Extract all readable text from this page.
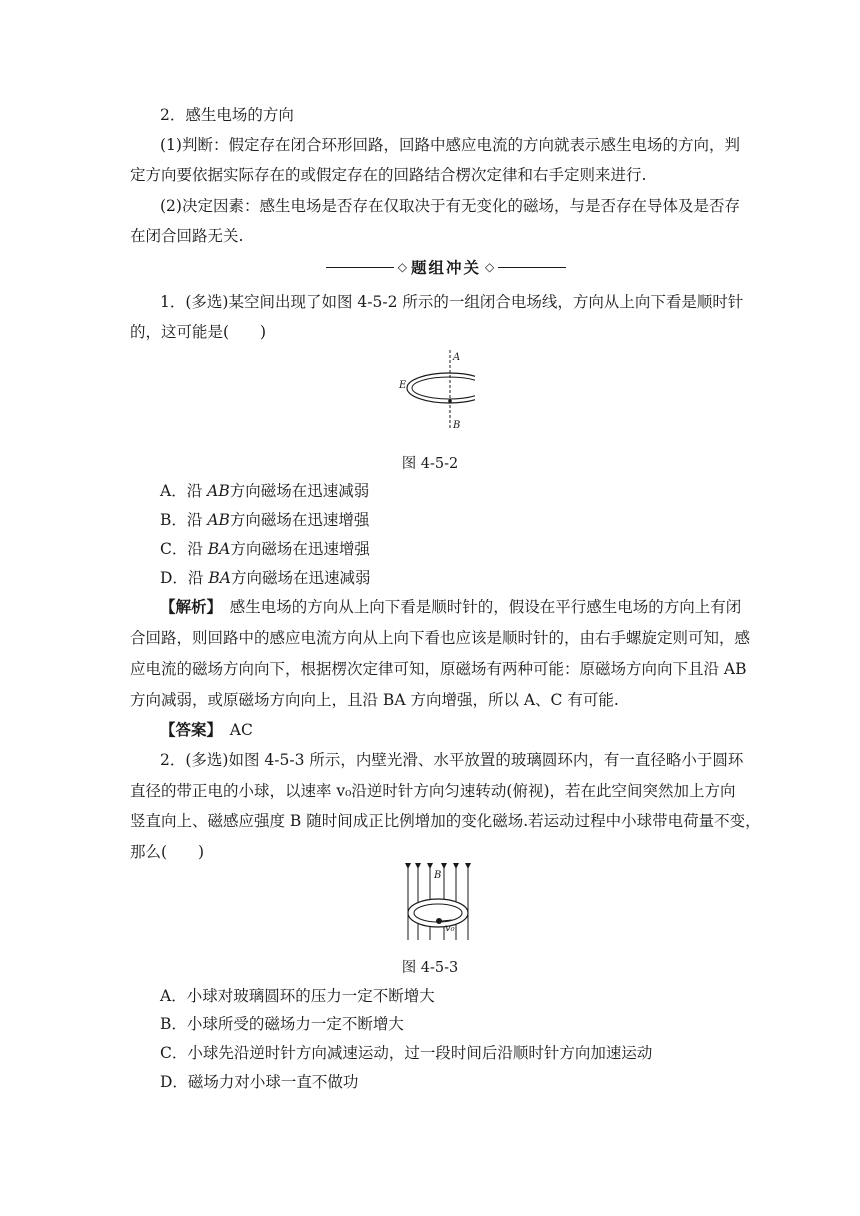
2．感生电场的方向
(1)判断：假定存在闭合环形回路，回路中感应电流的方向就表示感生电场的方向，判
定方向要依据实际存在的或假定存在的回路结合楞次定律和右手定则来进行.
(2)决定因素：感生电场是否存在仅取决于有无变化的磁场，与是否存在导体及是否存
在闭合回路无关.
◇ 题组冲关 ◇
1．(多选)某空间出现了如图 4-5-2 所示的一组闭合电场线，方向从上向下看是顺时针
的，这可能是(　　)
A
B
E
图 4-5-2
A．沿 AB方向磁场在迅速减弱
B．沿 AB方向磁场在迅速增强
C．沿 BA方向磁场在迅速增强
D．沿 BA方向磁场在迅速减弱
【解析】　感生电场的方向从上向下看是顺时针的，假设在平行感生电场的方向上有闭
合回路，则回路中的感应电流方向从上向下看也应该是顺时针的，由右手螺旋定则可知，感
应电流的磁场方向向下，根据楞次定律可知，原磁场有两种可能：原磁场方向向下且沿 AB
方向减弱，或原磁场方向向上，且沿 BA 方向增强，所以 A、C 有可能.
【答案】　AC
2．(多选)如图 4-5-3 所示，内壁光滑、水平放置的玻璃圆环内，有一直径略小于圆环
直径的带正电的小球，以速率 v₀沿逆时针方向匀速转动(俯视)，若在此空间突然加上方向
竖直向上、磁感应强度 B 随时间成正比例增加的变化磁场.若运动过程中小球带电荷量不变，
那么(　　)
B
v₀
图 4-5-3
A．小球对玻璃圆环的压力一定不断增大
B．小球所受的磁场力一定不断增大
C．小球先沿逆时针方向减速运动，过一段时间后沿顺时针方向加速运动
D．磁场力对小球一直不做功
